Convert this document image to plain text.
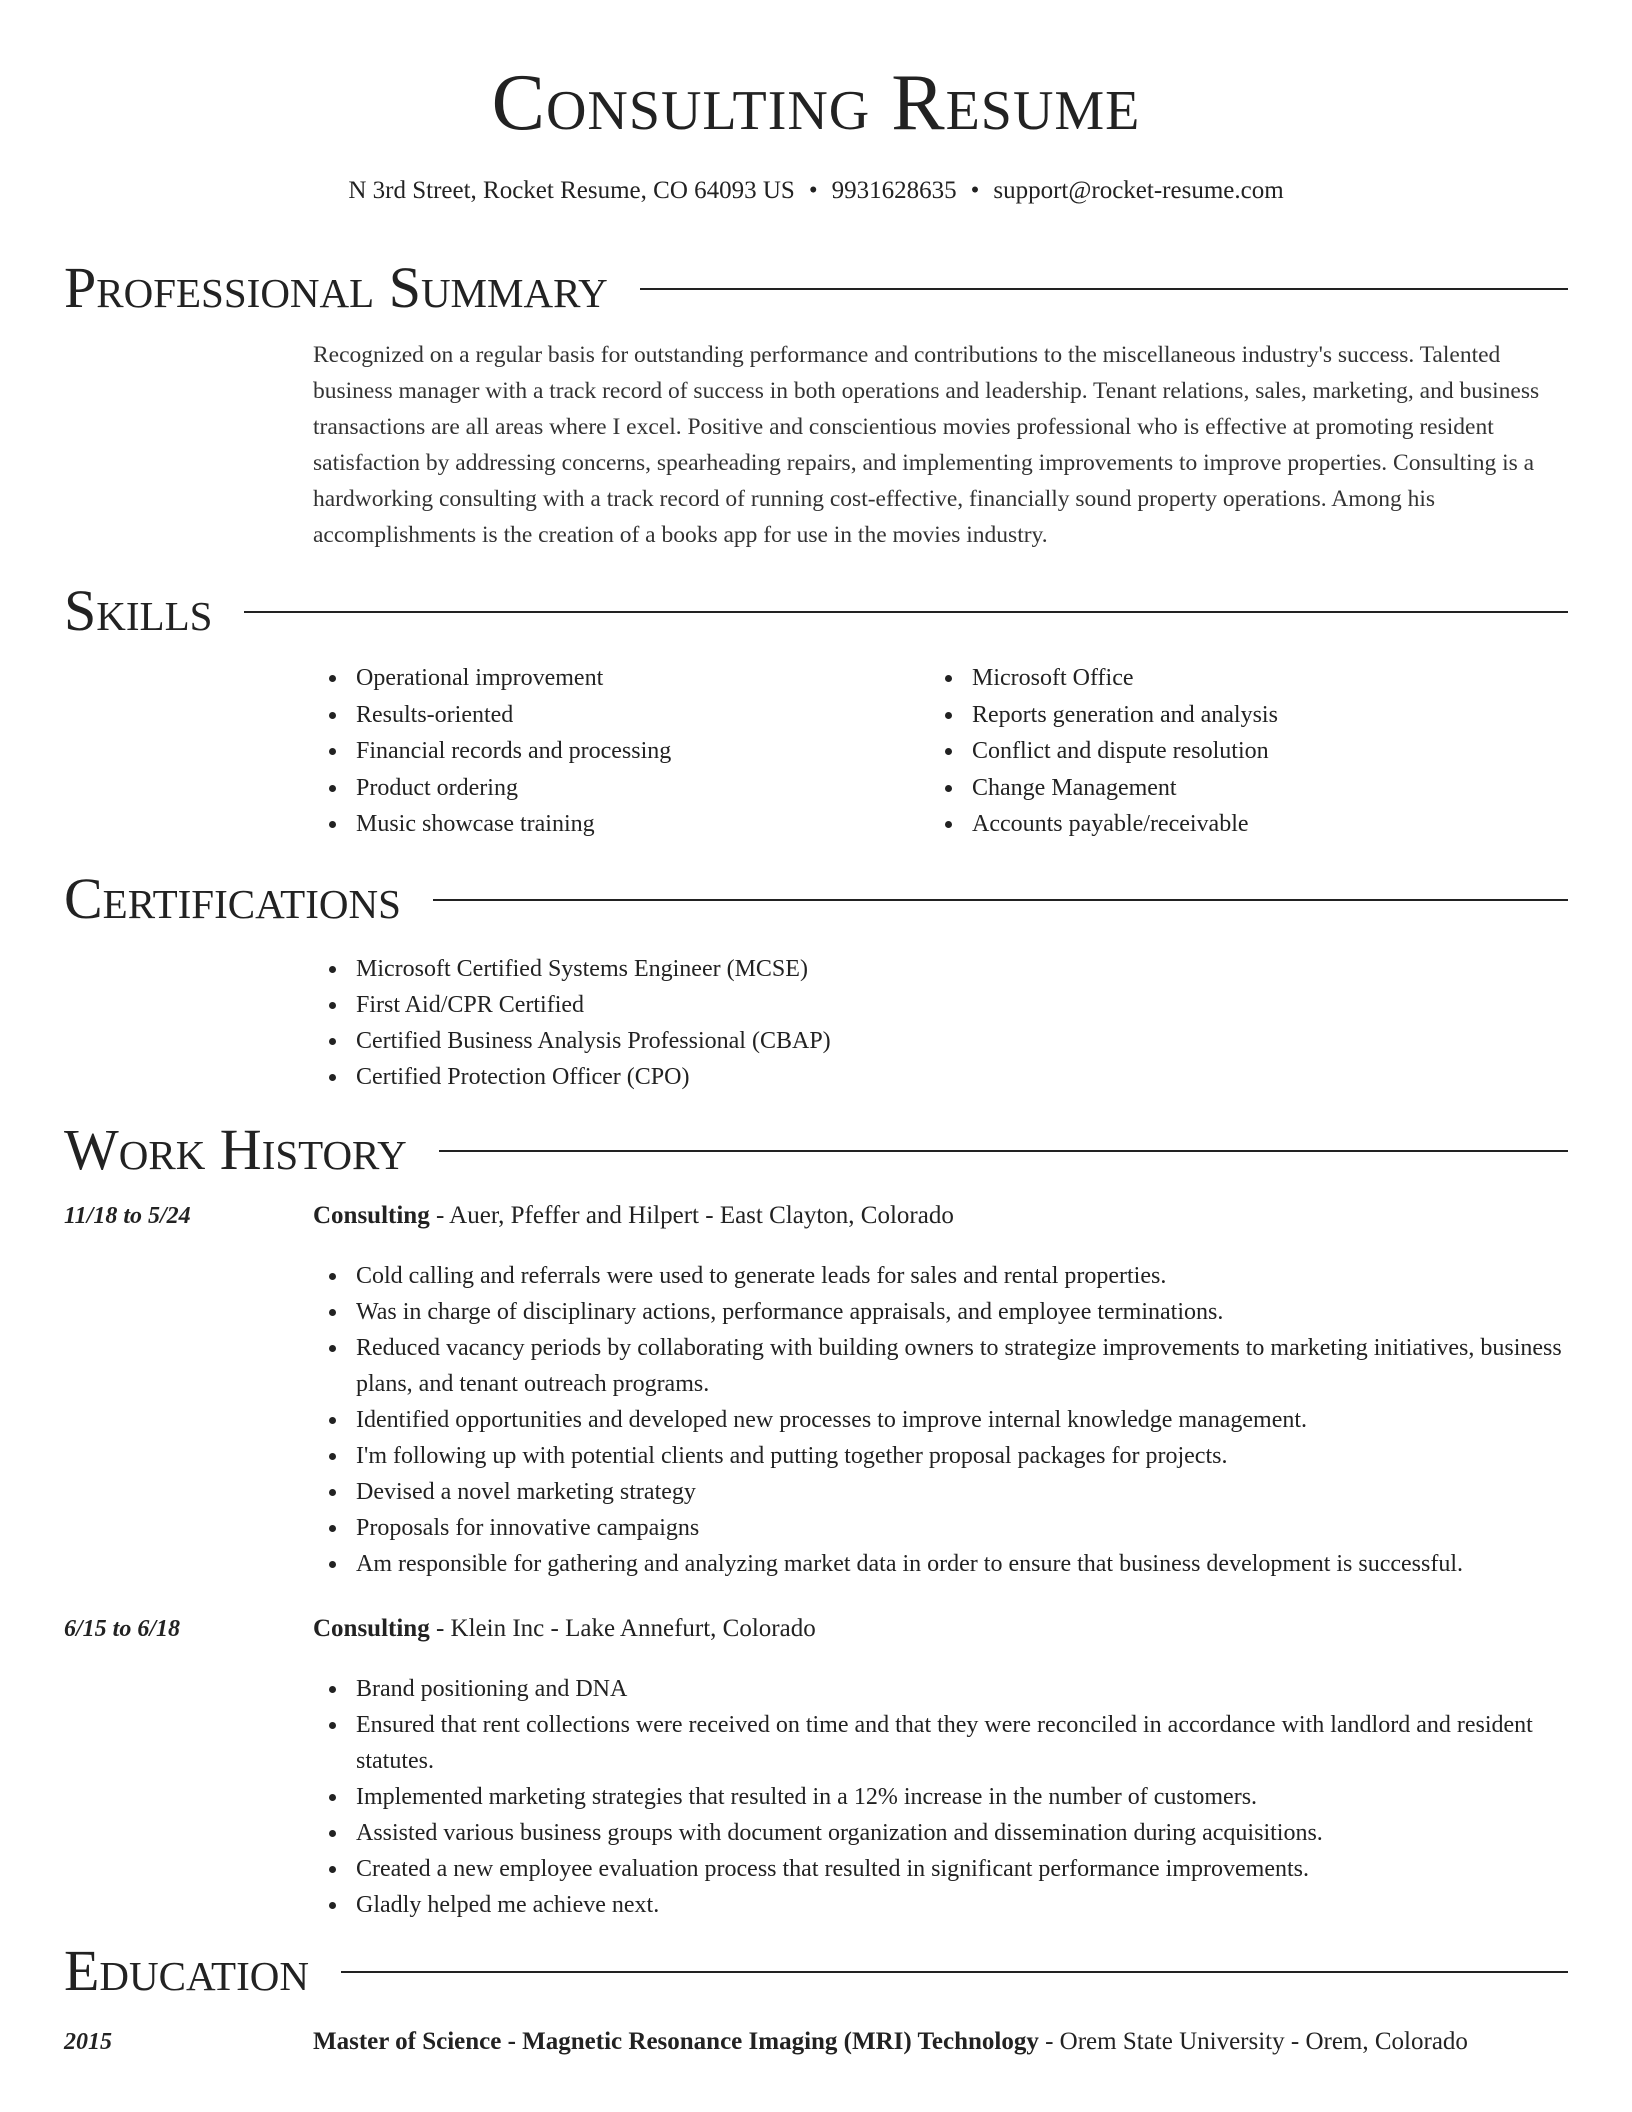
Consulting Resume
N 3rd Street, Rocket Resume, CO 64093 US • 9931628635 • support@rocket-resume.com
Professional Summary

Recognized on a regular basis for outstanding performance and contributions to the miscellaneous industry's success. Talented business manager with a track record of success in both operations and leadership. Tenant relations, sales, marketing, and business transactions are all areas where I excel. Positive and conscientious movies professional who is effective at promoting resident satisfaction by addressing concerns, spearheading repairs, and implementing improvements to improve properties. Consulting is a hardworking consulting with a track record of running cost-effective, financially sound property operations. Among his accomplishments is the creation of a books app for use in the movies industry.

Skills
Operational improvement
Results-oriented
Financial records and processing
Product ordering
Music showcase training
Microsoft Office
Reports generation and analysis
Conflict and dispute resolution
Change Management
Accounts payable/receivable
Certifications
Microsoft Certified Systems Engineer (MCSE)
First Aid/CPR Certified
Certified Business Analysis Professional (CBAP)
Certified Protection Officer (CPO)
Work History
11/18 to 5/24	Consulting - Auer, Pfeffer and Hilpert - East Clayton, Colorado
Cold calling and referrals were used to generate leads for sales and rental properties.
Was in charge of disciplinary actions, performance appraisals, and employee terminations.
Reduced vacancy periods by collaborating with building owners to strategize improvements to marketing initiatives, business plans, and tenant outreach programs.
Identified opportunities and developed new processes to improve internal knowledge management.
I'm following up with potential clients and putting together proposal packages for projects.
Devised a novel marketing strategy
Proposals for innovative campaigns
Am responsible for gathering and analyzing market data in order to ensure that business development is successful.
6/15 to 6/18	Consulting - Klein Inc - Lake Annefurt, Colorado
Brand positioning and DNA
Ensured that rent collections were received on time and that they were reconciled in accordance with landlord and resident statutes.
Implemented marketing strategies that resulted in a 12% increase in the number of customers.
Assisted various business groups with document organization and dissemination during acquisitions.
Created a new employee evaluation process that resulted in significant performance improvements.
Gladly helped me achieve next.
Education
2015	Master of Science - Magnetic Resonance Imaging (MRI) Technology - Orem State University - Orem, Colorado
